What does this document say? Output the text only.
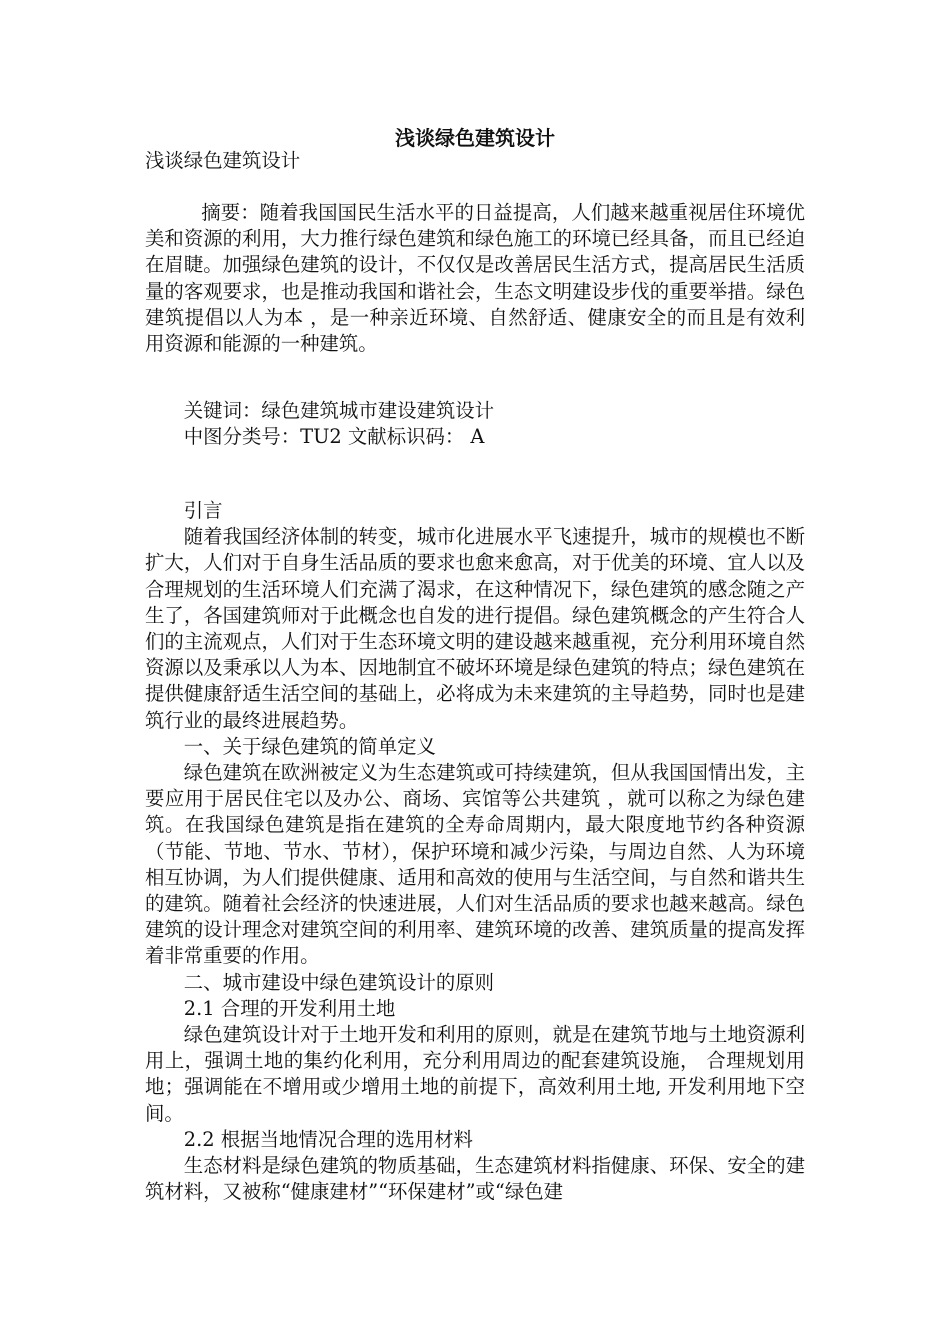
浅谈绿色建筑设计
浅谈绿色建筑设计

摘要：随着我国国民生活水平的日益提高，人们越来越重视居住环境优美和资源的利用，大力推行绿色建筑和绿色施工的环境已经具备，而且已经迫在眉睫。加强绿色建筑的设计，不仅仅是改善居民生活方式，提高居民生活质量的客观要求，也是推动我国和谐社会，生态文明建设步伐的重要举措。绿色建筑提倡以人为本 ，是一种亲近环境、自然舒适、健康安全的而且是有效利用资源和能源的一种建筑。

关键词：绿色建筑城市建设建筑设计
中图分类号：TU2 文献标识码： A
引言

随着我国经济体制的转变，城市化进展水平飞速提升，城市的规模也不断扩大，人们对于自身生活品质的要求也愈来愈高，对于优美的环境、宜人以及合理规划的生活环境人们充满了渴求，在这种情况下，绿色建筑的感念随之产生了，各国建筑师对于此概念也自发的进行提倡。绿色建筑概念的产生符合人们的主流观点，人们对于生态环境文明的建设越来越重视，充分利用环境自然资源以及秉承以人为本、因地制宜不破坏环境是绿色建筑的特点；绿色建筑在提供健康舒适生活空间的基础上，必将成为未来建筑的主导趋势，同时也是建筑行业的最终进展趋势。

一、关于绿色建筑的简单定义

绿色建筑在欧洲被定义为生态建筑或可持续建筑，但从我国国情出发，主要应用于居民住宅以及办公、商场、宾馆等公共建筑 ，就可以称之为绿色建筑。在我国绿色建筑是指在建筑的全寿命周期内，最大限度地节约各种资源（节能、节地、节水、节材），保护环境和减少污染，与周边自然、人为环境相互协调，为人们提供健康、适用和高效的使用与生活空间，与自然和谐共生的建筑。随着社会经济的快速进展，人们对生活品质的要求也越来越高。绿色建筑的设计理念对建筑空间的利用率、建筑环境的改善、建筑质量的提高发挥着非常重要的作用。

二、城市建设中绿色建筑设计的原则
2.1 合理的开发利用土地

绿色建筑设计对于土地开发和利用的原则，就是在建筑节地与土地资源利用上，强调土地的集约化利用，充分利用周边的配套建筑设施， 合理规划用地；强调能在不增用或少增用土地的前提下，高效利用土地, 开发利用地下空间。

2.2 根据当地情况合理的选用材料

生态材料是绿色建筑的物质基础，生态建筑材料指健康、环保、安全的建筑材料，又被称“健康建材”“环保建材”或“绿色建
